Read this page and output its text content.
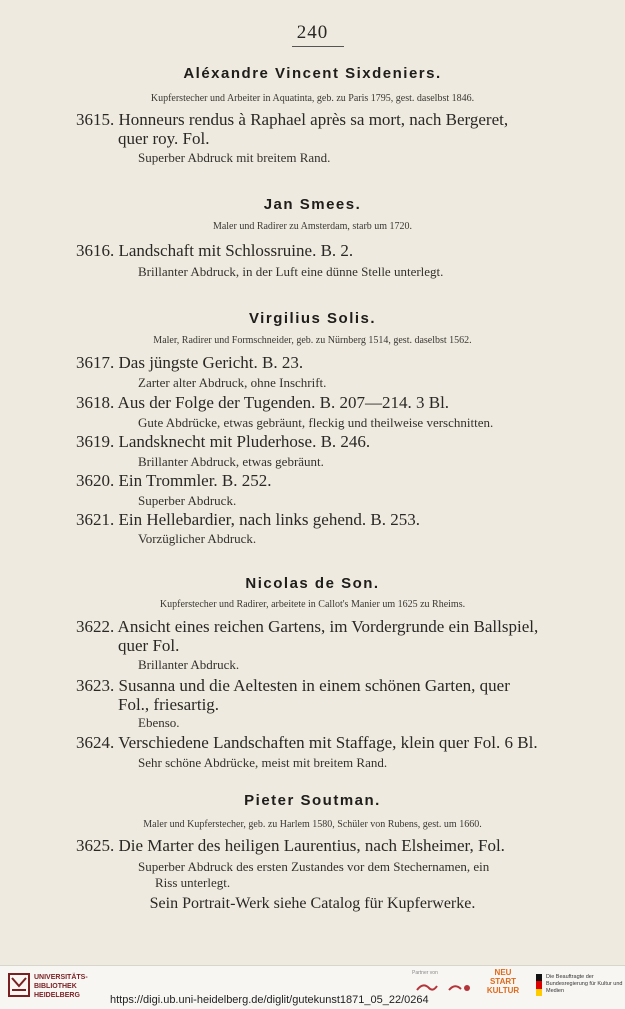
240
Aléxandre Vincent Sixdeniers.
Kupferstecher und Arbeiter in Aquatinta, geb. zu Paris 1795, gest. daselbst 1846.
3615. Honneurs rendus à Raphael après sa mort, nach Bergeret,
quer roy. Fol.
Superber Abdruck mit breitem Rand.
Jan Smees.
Maler und Radirer zu Amsterdam, starb um 1720.
3616. Landschaft mit Schlossruine. B. 2.
Brillanter Abdruck, in der Luft eine dünne Stelle unterlegt.
Virgilius Solis.
Maler, Radirer und Formschneider, geb. zu Nürnberg 1514, gest. daselbst 1562.
3617. Das jüngste Gericht. B. 23.
Zarter alter Abdruck, ohne Inschrift.
3618. Aus der Folge der Tugenden. B. 207—214. 3 Bl.
Gute Abdrücke, etwas gebräunt, fleckig und theilweise verschnitten.
3619. Landsknecht mit Pluderhose. B. 246.
Brillanter Abdruck, etwas gebräunt.
3620. Ein Trommler. B. 252.
Superber Abdruck.
3621. Ein Hellebardier, nach links gehend. B. 253.
Vorzüglicher Abdruck.
Nicolas de Son.
Kupferstecher und Radirer, arbeitete in Callot's Manier um 1625 zu Rheims.
3622. Ansicht eines reichen Gartens, im Vordergrunde ein Ballspiel,
quer Fol.
Brillanter Abdruck.
3623. Susanna und die Aeltesten in einem schönen Garten, quer
Fol., friesartig.
Ebenso.
3624. Verschiedene Landschaften mit Staffage, klein quer Fol. 6 Bl.
Sehr schöne Abdrücke, meist mit breitem Rand.
Pieter Soutman.
Maler und Kupferstecher, geb. zu Harlem 1580, Schüler von Rubens, gest. um 1660.
3625. Die Marter des heiligen Laurentius, nach Elsheimer, Fol.
Superber Abdruck des ersten Zustandes vor dem Stechernamen, ein
Riss unterlegt.
Sein Portrait-Werk siehe Catalog für Kupferwerke.
UNIVERSITÄTS-
BIBLIOTHEK
HEIDELBERG	https://digi.ub.uni-heidelberg.de/diglit/gutekunst1871_05_22/0264
Partner von	NEU
START
KULTUR
Die Beauftragte der Bundesregierung für Kultur und Medien
